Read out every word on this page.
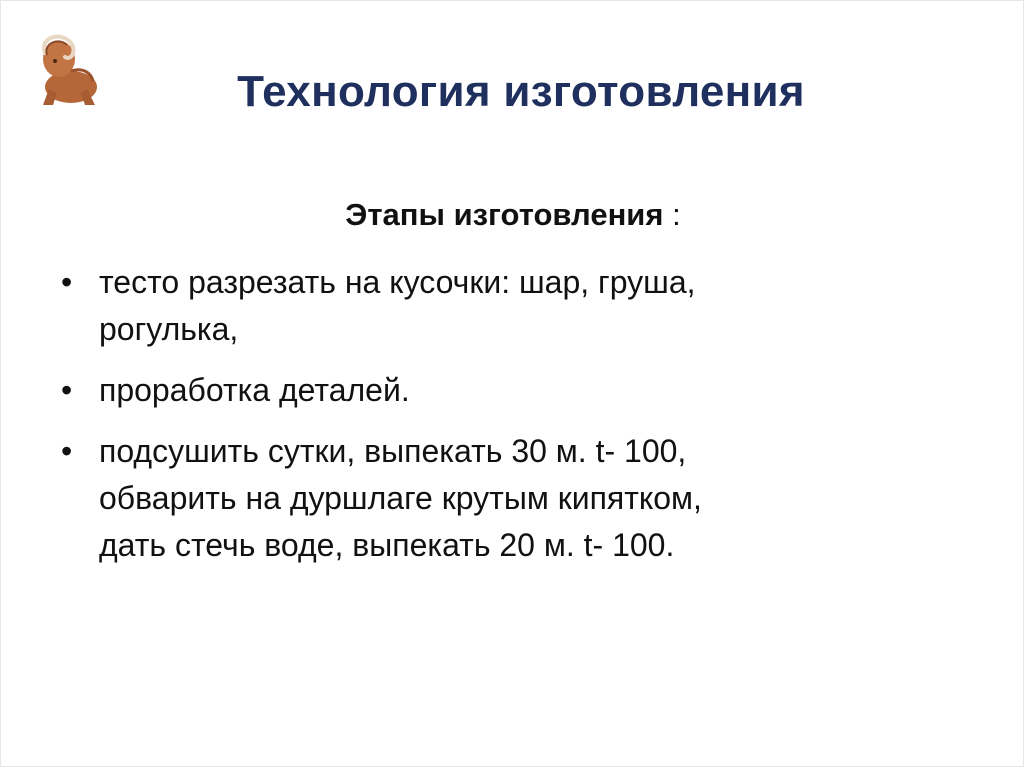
Технология изготовления
Этапы изготовления :
• тесто разрезать на кусочки: шар, груша,
рогулька,
• проработка деталей.
• подсушить сутки, выпекать 30 м. t- 100,
обварить на дуршлаге крутым кипятком,
дать стечь воде, выпекать 20 м. t- 100.
